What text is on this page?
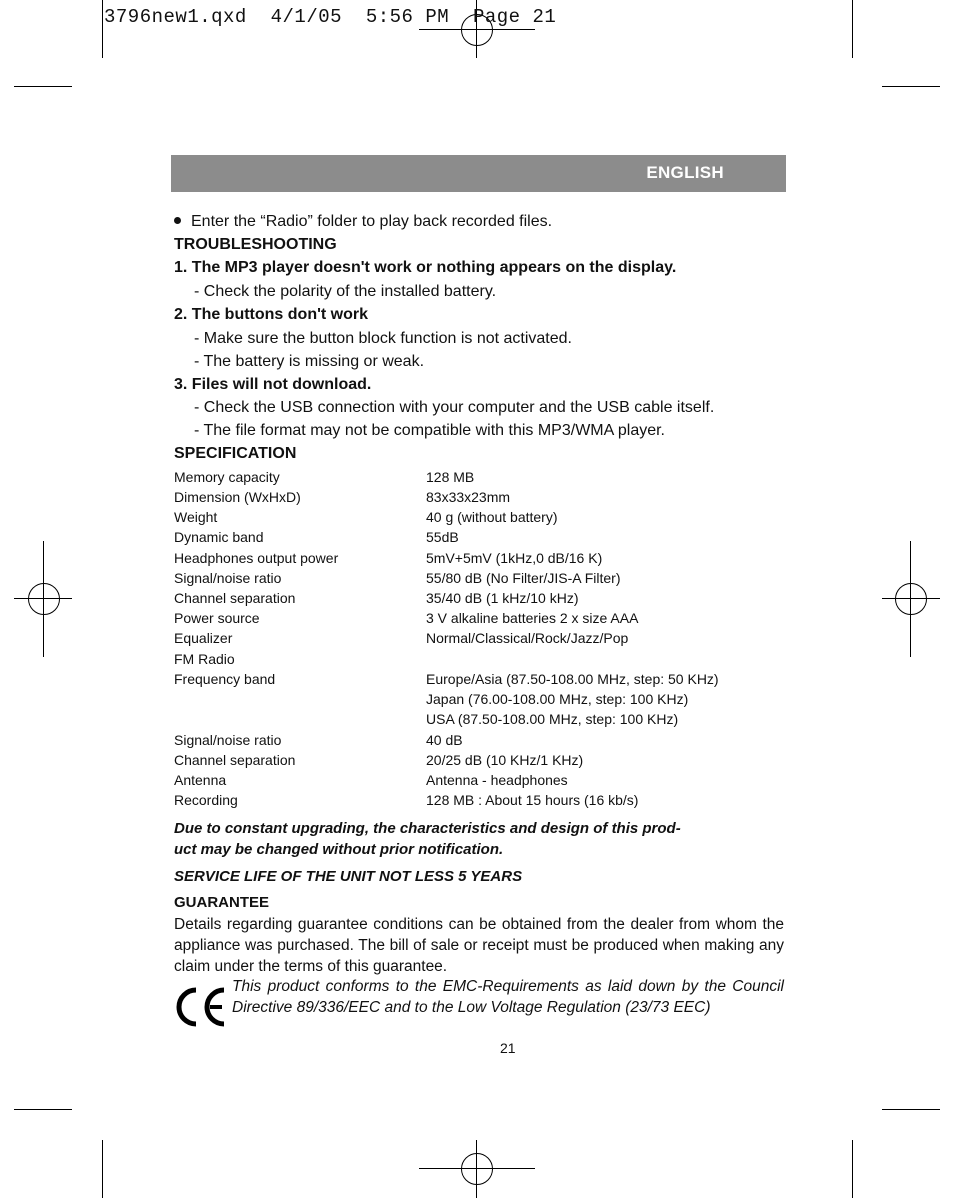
3796new1.qxd  4/1/05  5:56 PM  Page 21
ENGLISH
Enter the “Radio” folder to play back recorded files.
TROUBLESHOOTING
1. The MP3 player doesn't work or nothing appears on the display.
- Check the polarity of the installed battery.
2. The buttons don't work
- Make sure the button block function is not activated.
- The battery is missing or weak.
3. Files will not download.
- Check the USB connection with your computer and the USB cable itself.
- The file format may not be compatible with this MP3/WMA player.
SPECIFICATION
Memory capacity	128 MB
Dimension (WxHxD)	83x33x23mm
Weight	40 g (without battery)
Dynamic band	55dB
Headphones output power	5mV+5mV (1kHz,0 dB/16 K)
Signal/noise ratio	55/80 dB (No Filter/JIS-A Filter)
Channel separation	35/40 dB (1 kHz/10 kHz)
Power source	3 V alkaline batteries 2 x size AAA
Equalizer	Normal/Classical/Rock/Jazz/Pop
FM Radio
Frequency band	Europe/Asia (87.50-108.00 MHz, step: 50 KHz)
Japan (76.00-108.00 MHz, step: 100 KHz)
USA (87.50-108.00 MHz, step: 100 KHz)
Signal/noise ratio	40 dB
Channel separation	20/25 dB (10 KHz/1 KHz)
Antenna	Antenna - headphones
Recording	128 MB : About 15 hours (16 kb/s)
Due to constant upgrading, the characteristics and design of this prod-
uct may be changed without prior notification.
SERVICE LIFE OF THE UNIT NOT LESS 5 YEARS
GUARANTEE
Details regarding guarantee conditions can be obtained from the dealer from whom the appliance was purchased. The bill of sale or receipt must be produced when making any claim under the terms of this guarantee.
This product conforms to the EMC-Requirements as laid down by the Council Directive 89/336/EEC and to the Low Voltage Regulation (23/73 EEC)
21
